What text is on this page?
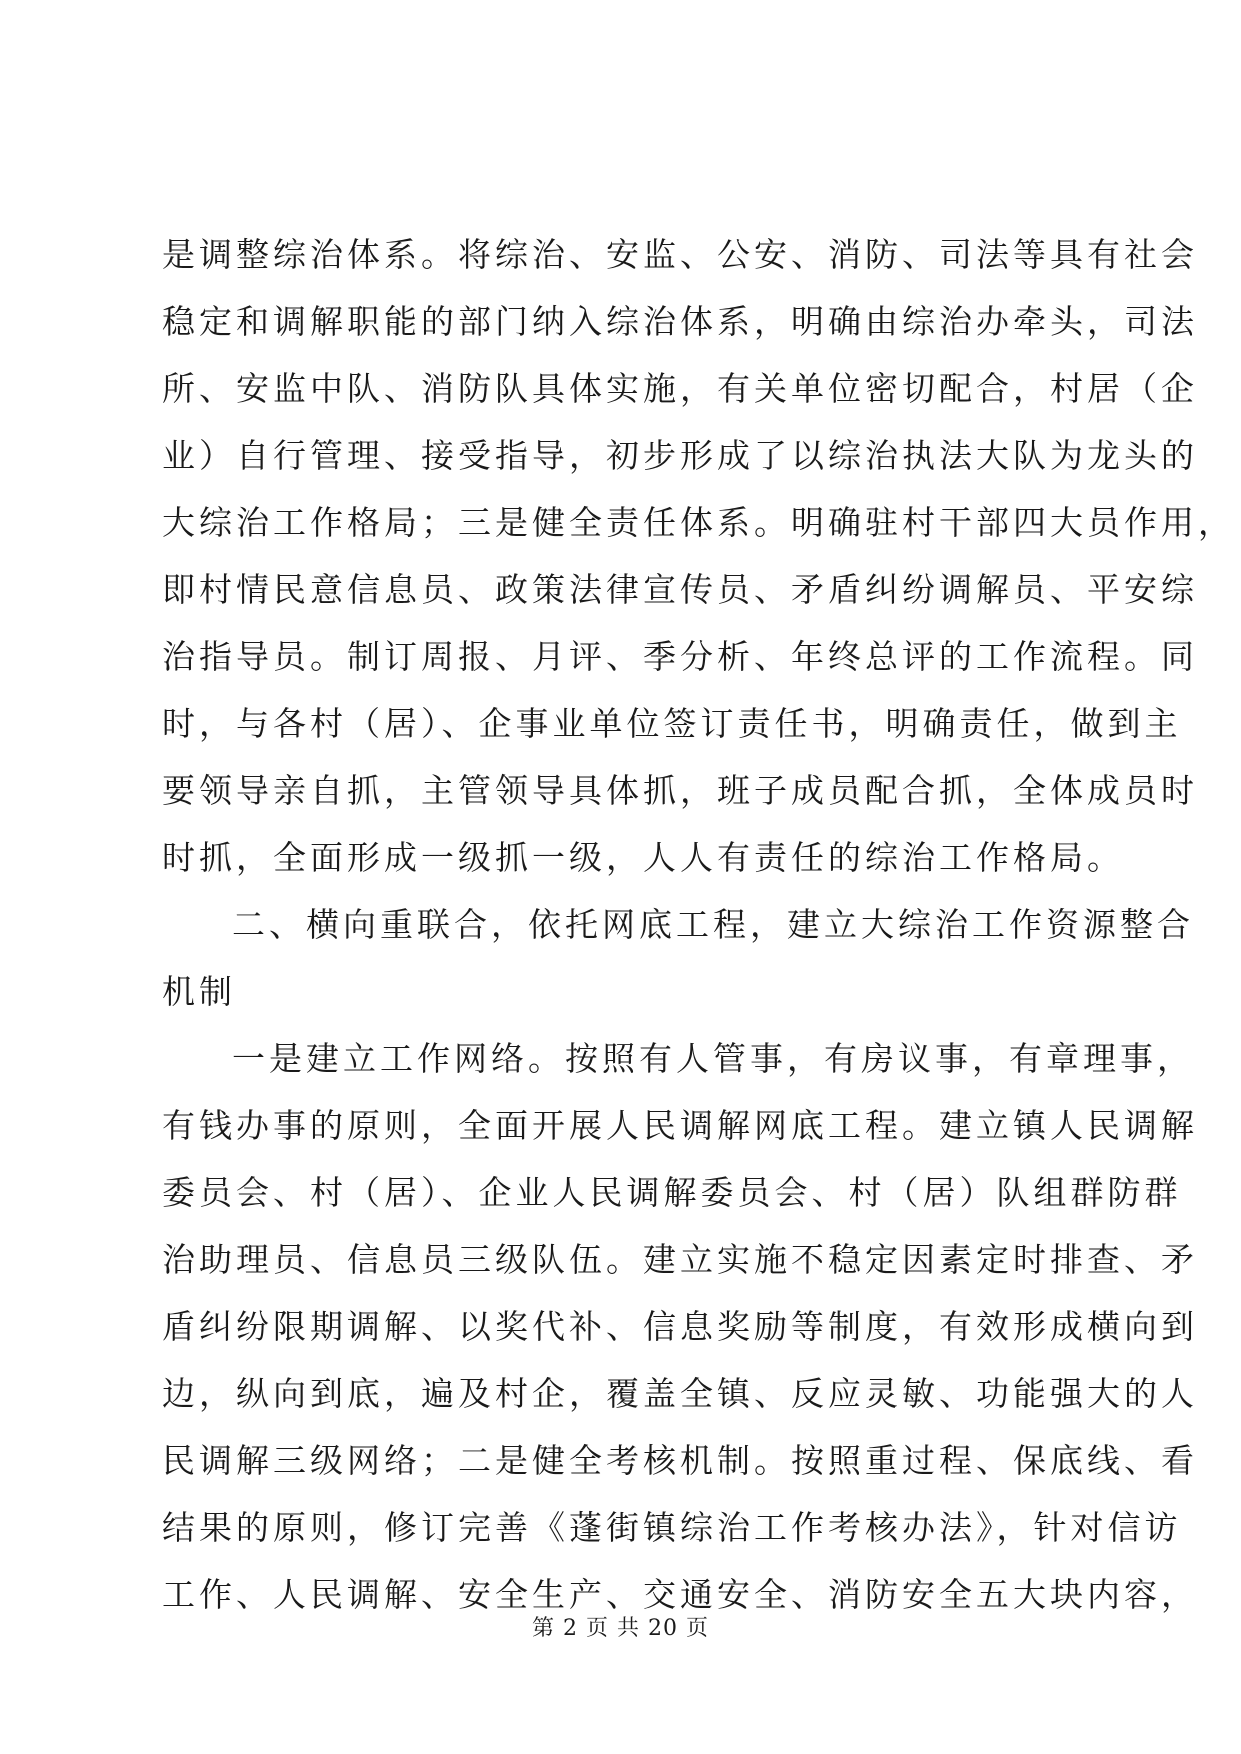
是调整综治体系。将综治、安监、公安、消防、司法等具有社会
稳定和调解职能的部门纳入综治体系，明确由综治办牵头，司法
所、安监中队、消防队具体实施，有关单位密切配合，村居（企
业）自行管理、接受指导，初步形成了以综治执法大队为龙头的
大综治工作格局；三是健全责任体系。明确驻村干部四大员作用，
即村情民意信息员、政策法律宣传员、矛盾纠纷调解员、平安综
治指导员。制订周报、月评、季分析、年终总评的工作流程。同
时，与各村（居）、企事业单位签订责任书，明确责任，做到主
要领导亲自抓，主管领导具体抓，班子成员配合抓，全体成员时
时抓，全面形成一级抓一级，人人有责任的综治工作格局。
二、横向重联合，依托网底工程，建立大综治工作资源整合
机制
一是建立工作网络。按照有人管事，有房议事，有章理事，
有钱办事的原则，全面开展人民调解网底工程。建立镇人民调解
委员会、村（居）、企业人民调解委员会、村（居）队组群防群
治助理员、信息员三级队伍。建立实施不稳定因素定时排查、矛
盾纠纷限期调解、以奖代补、信息奖励等制度，有效形成横向到
边，纵向到底，遍及村企，覆盖全镇、反应灵敏、功能强大的人
民调解三级网络；二是健全考核机制。按照重过程、保底线、看
结果的原则，修订完善《蓬街镇综治工作考核办法》，针对信访
工作、人民调解、安全生产、交通安全、消防安全五大块内容，
第 2 页 共 20 页
